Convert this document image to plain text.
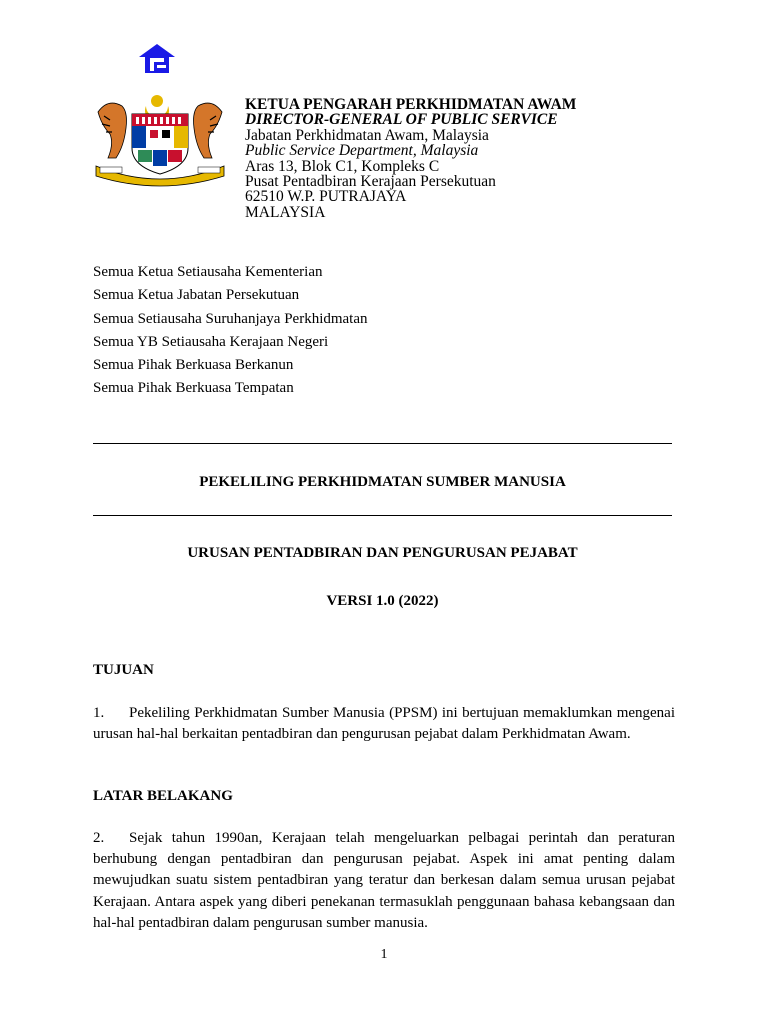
KETUA PENGARAH PERKHIDMATAN AWAM
DIRECTOR-GENERAL OF PUBLIC SERVICE
Jabatan Perkhidmatan Awam, Malaysia
Public Service Department, Malaysia
Aras 13, Blok C1, Kompleks C
Pusat Pentadbiran Kerajaan Persekutuan
62510 W.P. PUTRAJAYA
MALAYSIA
Semua Ketua Setiausaha Kementerian
Semua Ketua Jabatan Persekutuan
Semua Setiausaha Suruhanjaya Perkhidmatan
Semua YB Setiausaha Kerajaan Negeri
Semua Pihak Berkuasa Berkanun
Semua Pihak Berkuasa Tempatan
PEKELILING PERKHIDMATAN SUMBER MANUSIA
URUSAN PENTADBIRAN DAN PENGURUSAN PEJABAT
VERSI 1.0 (2022)
TUJUAN
1. Pekeliling Perkhidmatan Sumber Manusia (PPSM) ini bertujuan memaklumkan mengenai urusan hal-hal berkaitan pentadbiran dan pengurusan pejabat dalam Perkhidmatan Awam.
LATAR BELAKANG
2. Sejak tahun 1990an, Kerajaan telah mengeluarkan pelbagai perintah dan peraturan berhubung dengan pentadbiran dan pengurusan pejabat. Aspek ini amat penting dalam mewujudkan suatu sistem pentadbiran yang teratur dan berkesan dalam semua urusan pejabat Kerajaan. Antara aspek yang diberi penekanan termasuklah penggunaan bahasa kebangsaan dan hal-hal pentadbiran dalam pengurusan sumber manusia.
1
